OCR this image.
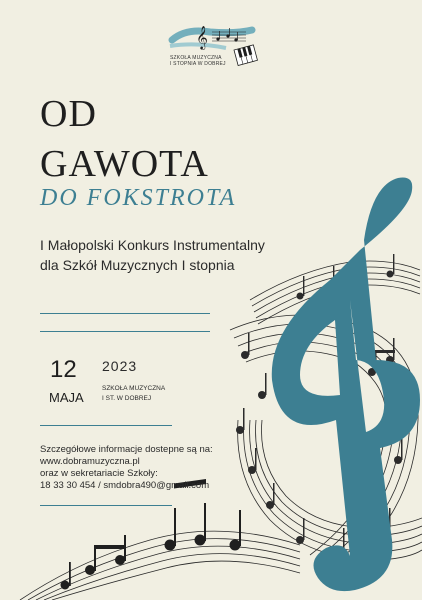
𝄞
SZKOŁA MUZYCZNA
I STOPNIA W DOBREJ
OD
GAWOTA
DO FOKSTROTA
I Małopolski Konkurs Instrumentalny
dla Szkół Muzycznych I stopnia
12
MAJA
2023
SZKOŁA MUZYCZNA
I ST. W DOBREJ
Szczegółowe informacje dostepne są na:
www.dobramuzyczna.pl
oraz w sekretariacie Szkoły:
18 33 30 454 / smdobra490@gmail.com
